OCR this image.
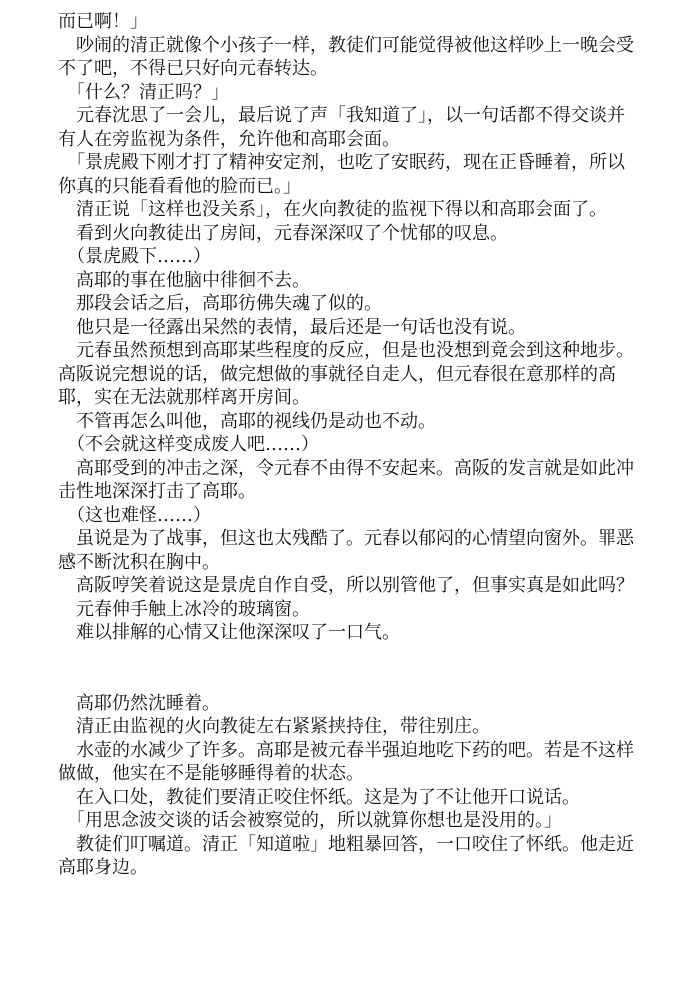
而已啊！」

　吵闹的清正就像个小孩子一样，教徒们可能觉得被他这样吵上一晚会受不了吧，不得已只好向元春转达。

　「什么？清正吗？」

　元春沈思了一会儿，最后说了声「我知道了」，以一句话都不得交谈并有人在旁监视为条件，允许他和高耶会面。

　「景虎殿下刚才打了精神安定剂，也吃了安眠药，现在正昏睡着，所以你真的只能看看他的脸而已。」

　清正说「这样也没关系」，在火向教徒的监视下得以和高耶会面了。

　看到火向教徒出了房间，元春深深叹了个忧郁的叹息。

　（景虎殿下……）

　高耶的事在他脑中徘徊不去。

　那段会话之后，高耶彷佛失魂了似的。

　他只是一径露出呆然的表情，最后还是一句话也没有说。

　元春虽然预想到高耶某些程度的反应，但是也没想到竟会到这种地步。高阪说完想说的话，做完想做的事就径自走人，但元春很在意那样的高耶，实在无法就那样离开房间。

　不管再怎么叫他，高耶的视线仍是动也不动。

　（不会就这样变成废人吧……）

　高耶受到的冲击之深，令元春不由得不安起来。高阪的发言就是如此冲击性地深深打击了高耶。

　（这也难怪……）

　虽说是为了战事，但这也太残酷了。元春以郁闷的心情望向窗外。罪恶感不断沈积在胸中。

　高阪哼笑着说这是景虎自作自受，所以别管他了，但事实真是如此吗？

　元春伸手触上冰冷的玻璃窗。

　难以排解的心情又让他深深叹了一口气。

　高耶仍然沈睡着。

　清正由监视的火向教徒左右紧紧挟持住，带往别庄。

　水壶的水减少了许多。高耶是被元春半强迫地吃下药的吧。若是不这样做做，他实在不是能够睡得着的状态。

　在入口处，教徒们要清正咬住怀纸。这是为了不让他开口说话。

　「用思念波交谈的话会被察觉的，所以就算你想也是没用的。」

　教徒们叮嘱道。清正「知道啦」地粗暴回答，一口咬住了怀纸。他走近高耶身边。
